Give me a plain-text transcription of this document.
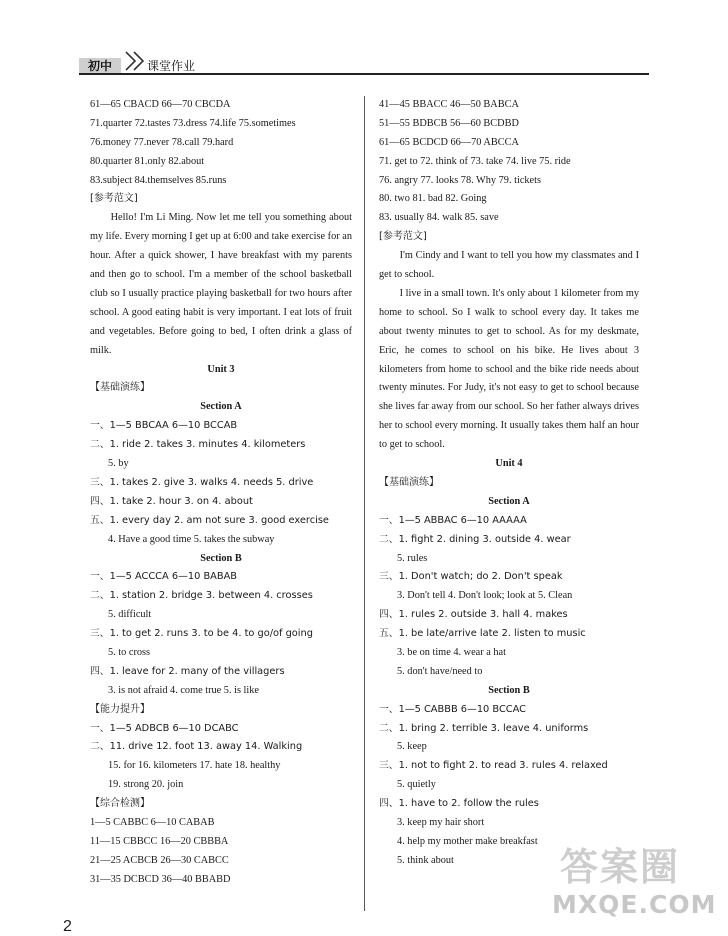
初中	课堂作业
61—65 CBACD 66—70 CBCDA
71.quarter 72.tastes 73.dress 74.life 75.sometimes
76.money 77.never 78.call 79.hard
80.quarter 81.only 82.about
83.subject 84.themselves 85.runs
[参考范文]
Hello! I'm Li Ming. Now let me tell you something about my life. Every morning I get up at 6:00 and take exercise for an hour. After a quick shower, I have breakfast with my parents and then go to school. I'm a member of the school basketball club so I usually practice playing basketball for two hours after school. A good eating habit is very important. I eat lots of fruit and vegetables. Before going to bed, I often drink a glass of milk.
Unit 3
【基础演练】
Section A
一、1—5 BBCAA 6—10 BCCAB
二、1. ride 2. takes 3. minutes 4. kilometers
5. by
三、1. takes 2. give 3. walks 4. needs 5. drive
四、1. take 2. hour 3. on 4. about
五、1. every day 2. am not sure 3. good exercise
4. Have a good time 5. takes the subway
Section B
一、1—5 ACCCA 6—10 BABAB
二、1. station 2. bridge 3. between 4. crosses
5. difficult
三、1. to get 2. runs 3. to be 4. to go/of going
5. to cross
四、1. leave for 2. many of the villagers
3. is not afraid 4. come true 5. is like
【能力提升】
一、1—5 ADBCB 6—10 DCABC
二、11. drive 12. foot 13. away 14. Walking
15. for 16. kilometers 17. hate 18. healthy
19. strong 20. join
【综合检测】
1—5 CABBC 6—10 CABAB
11—15 CBBCC 16—20 CBBBA
21—25 ACBCB 26—30 CABCC
31—35 DCBCD 36—40 BBABD
41—45 BBACC 46—50 BABCA
51—55 BDBCB 56—60 BCDBD
61—65 BCDCD 66—70 ABCCA
71. get to 72. think of 73. take 74. live 75. ride
76. angry 77. looks 78. Why 79. tickets
80. two 81. bad 82. Going
83. usually 84. walk 85. save
[参考范文]
I'm Cindy and I want to tell you how my classmates and I get to school.
I live in a small town. It's only about 1 kilometer from my home to school. So I walk to school every day. It takes me about twenty minutes to get to school. As for my deskmate, Eric, he comes to school on his bike. He lives about 3 kilometers from home to school and the bike ride needs about twenty minutes. For Judy, it's not easy to get to school because she lives far away from our school. So her father always drives her to school every morning. It usually takes them half an hour to get to school.
Unit 4
【基础演练】
Section A
一、1—5 ABBAC 6—10 AAAAA
二、1. fight 2. dining 3. outside 4. wear
5. rules
三、1. Don't watch; do 2. Don't speak
3. Don't tell 4. Don't look; look at 5. Clean
四、1. rules 2. outside 3. hall 4. makes
五、1. be late/arrive late 2. listen to music
3. be on time 4. wear a hat
5. don't have/need to
Section B
一、1—5 CABBB 6—10 BCCAC
二、1. bring 2. terrible 3. leave 4. uniforms
5. keep
三、1. not to fight 2. to read 3. rules 4. relaxed
5. quietly
四、1. have to 2. follow the rules
3. keep my hair short
4. help my mother make breakfast
5. think about
2
答案圈
MXQE.COM
